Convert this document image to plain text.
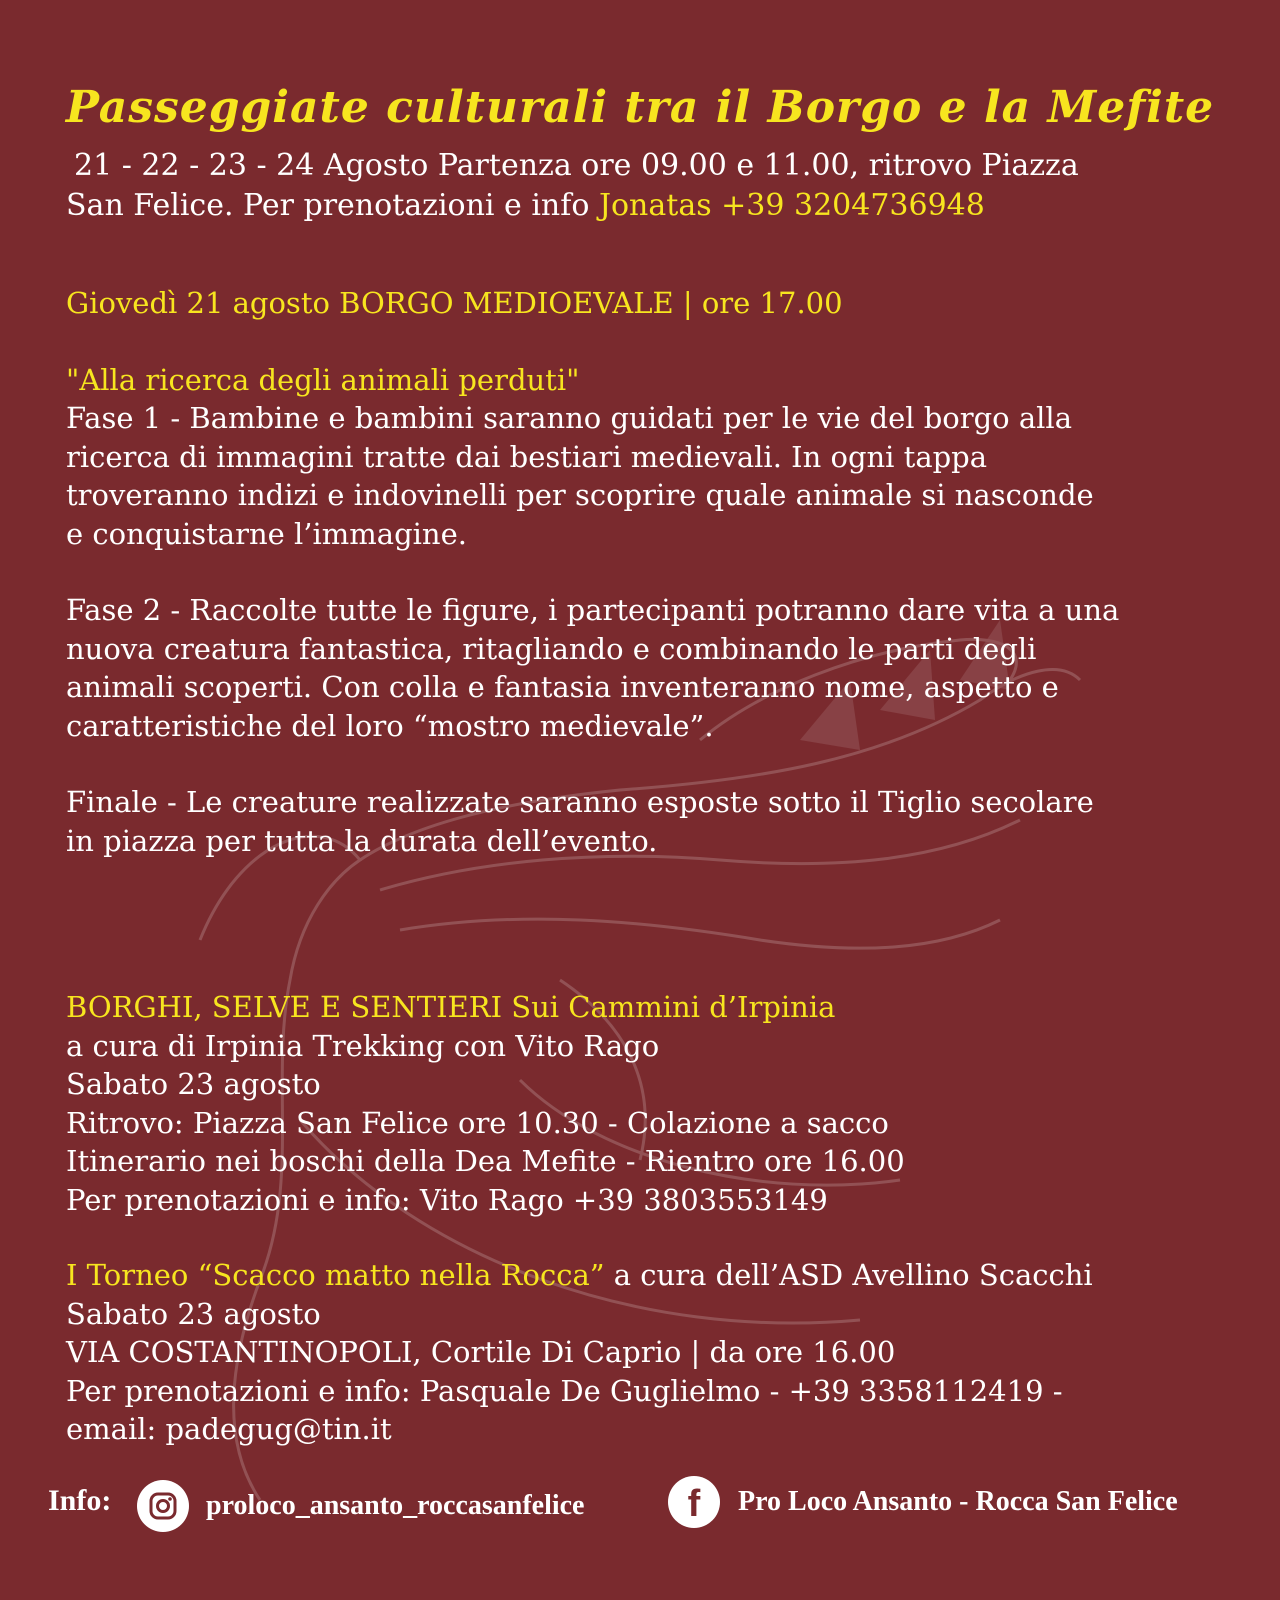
Passeggiate culturali tra il Borgo e la Mefite
21 - 22 - 23 - 24 Agosto Partenza ore 09.00 e 11.00, ritrovo Piazza
San Felice. Per prenotazioni e info Jonatas +39 3204736948

Giovedì 21 agosto BORGO MEDIOEVALE | ore 17.00

"Alla ricerca degli animali perduti"

Fase 1 - Bambine e bambini saranno guidati per le vie del borgo alla

ricerca di immagini tratte dai bestiari medievali. In ogni tappa

troveranno indizi e indovinelli per scoprire quale animale si nasconde

e conquistarne l’immagine.

Fase 2 - Raccolte tutte le figure, i partecipanti potranno dare vita a una

nuova creatura fantastica, ritagliando e combinando le parti degli

animali scoperti. Con colla e fantasia inventeranno nome, aspetto e

caratteristiche del loro “mostro medievale”.

Finale - Le creature realizzate saranno esposte sotto il Tiglio secolare

in piazza per tutta la durata dell’evento.

BORGHI, SELVE E SENTIERI Sui Cammini d’Irpinia

a cura di Irpinia Trekking con Vito Rago

Sabato 23 agosto

Ritrovo: Piazza San Felice ore 10.30 - Colazione a sacco

Itinerario nei boschi della Dea Mefite - Rientro ore 16.00

Per prenotazioni e info: Vito Rago +39 3803553149

I Torneo “Scacco matto nella Rocca” a cura dell’ASD Avellino Scacchi

Sabato 23 agosto

VIA COSTANTINOPOLI, Cortile Di Caprio | da ore 16.00

Per prenotazioni e info: Pasquale De Guglielmo - +39 3358112419 -

email: padegug@tin.it

Info:	proloco_ansanto_roccasanfelice	f	Pro Loco Ansanto - Rocca San Felice
